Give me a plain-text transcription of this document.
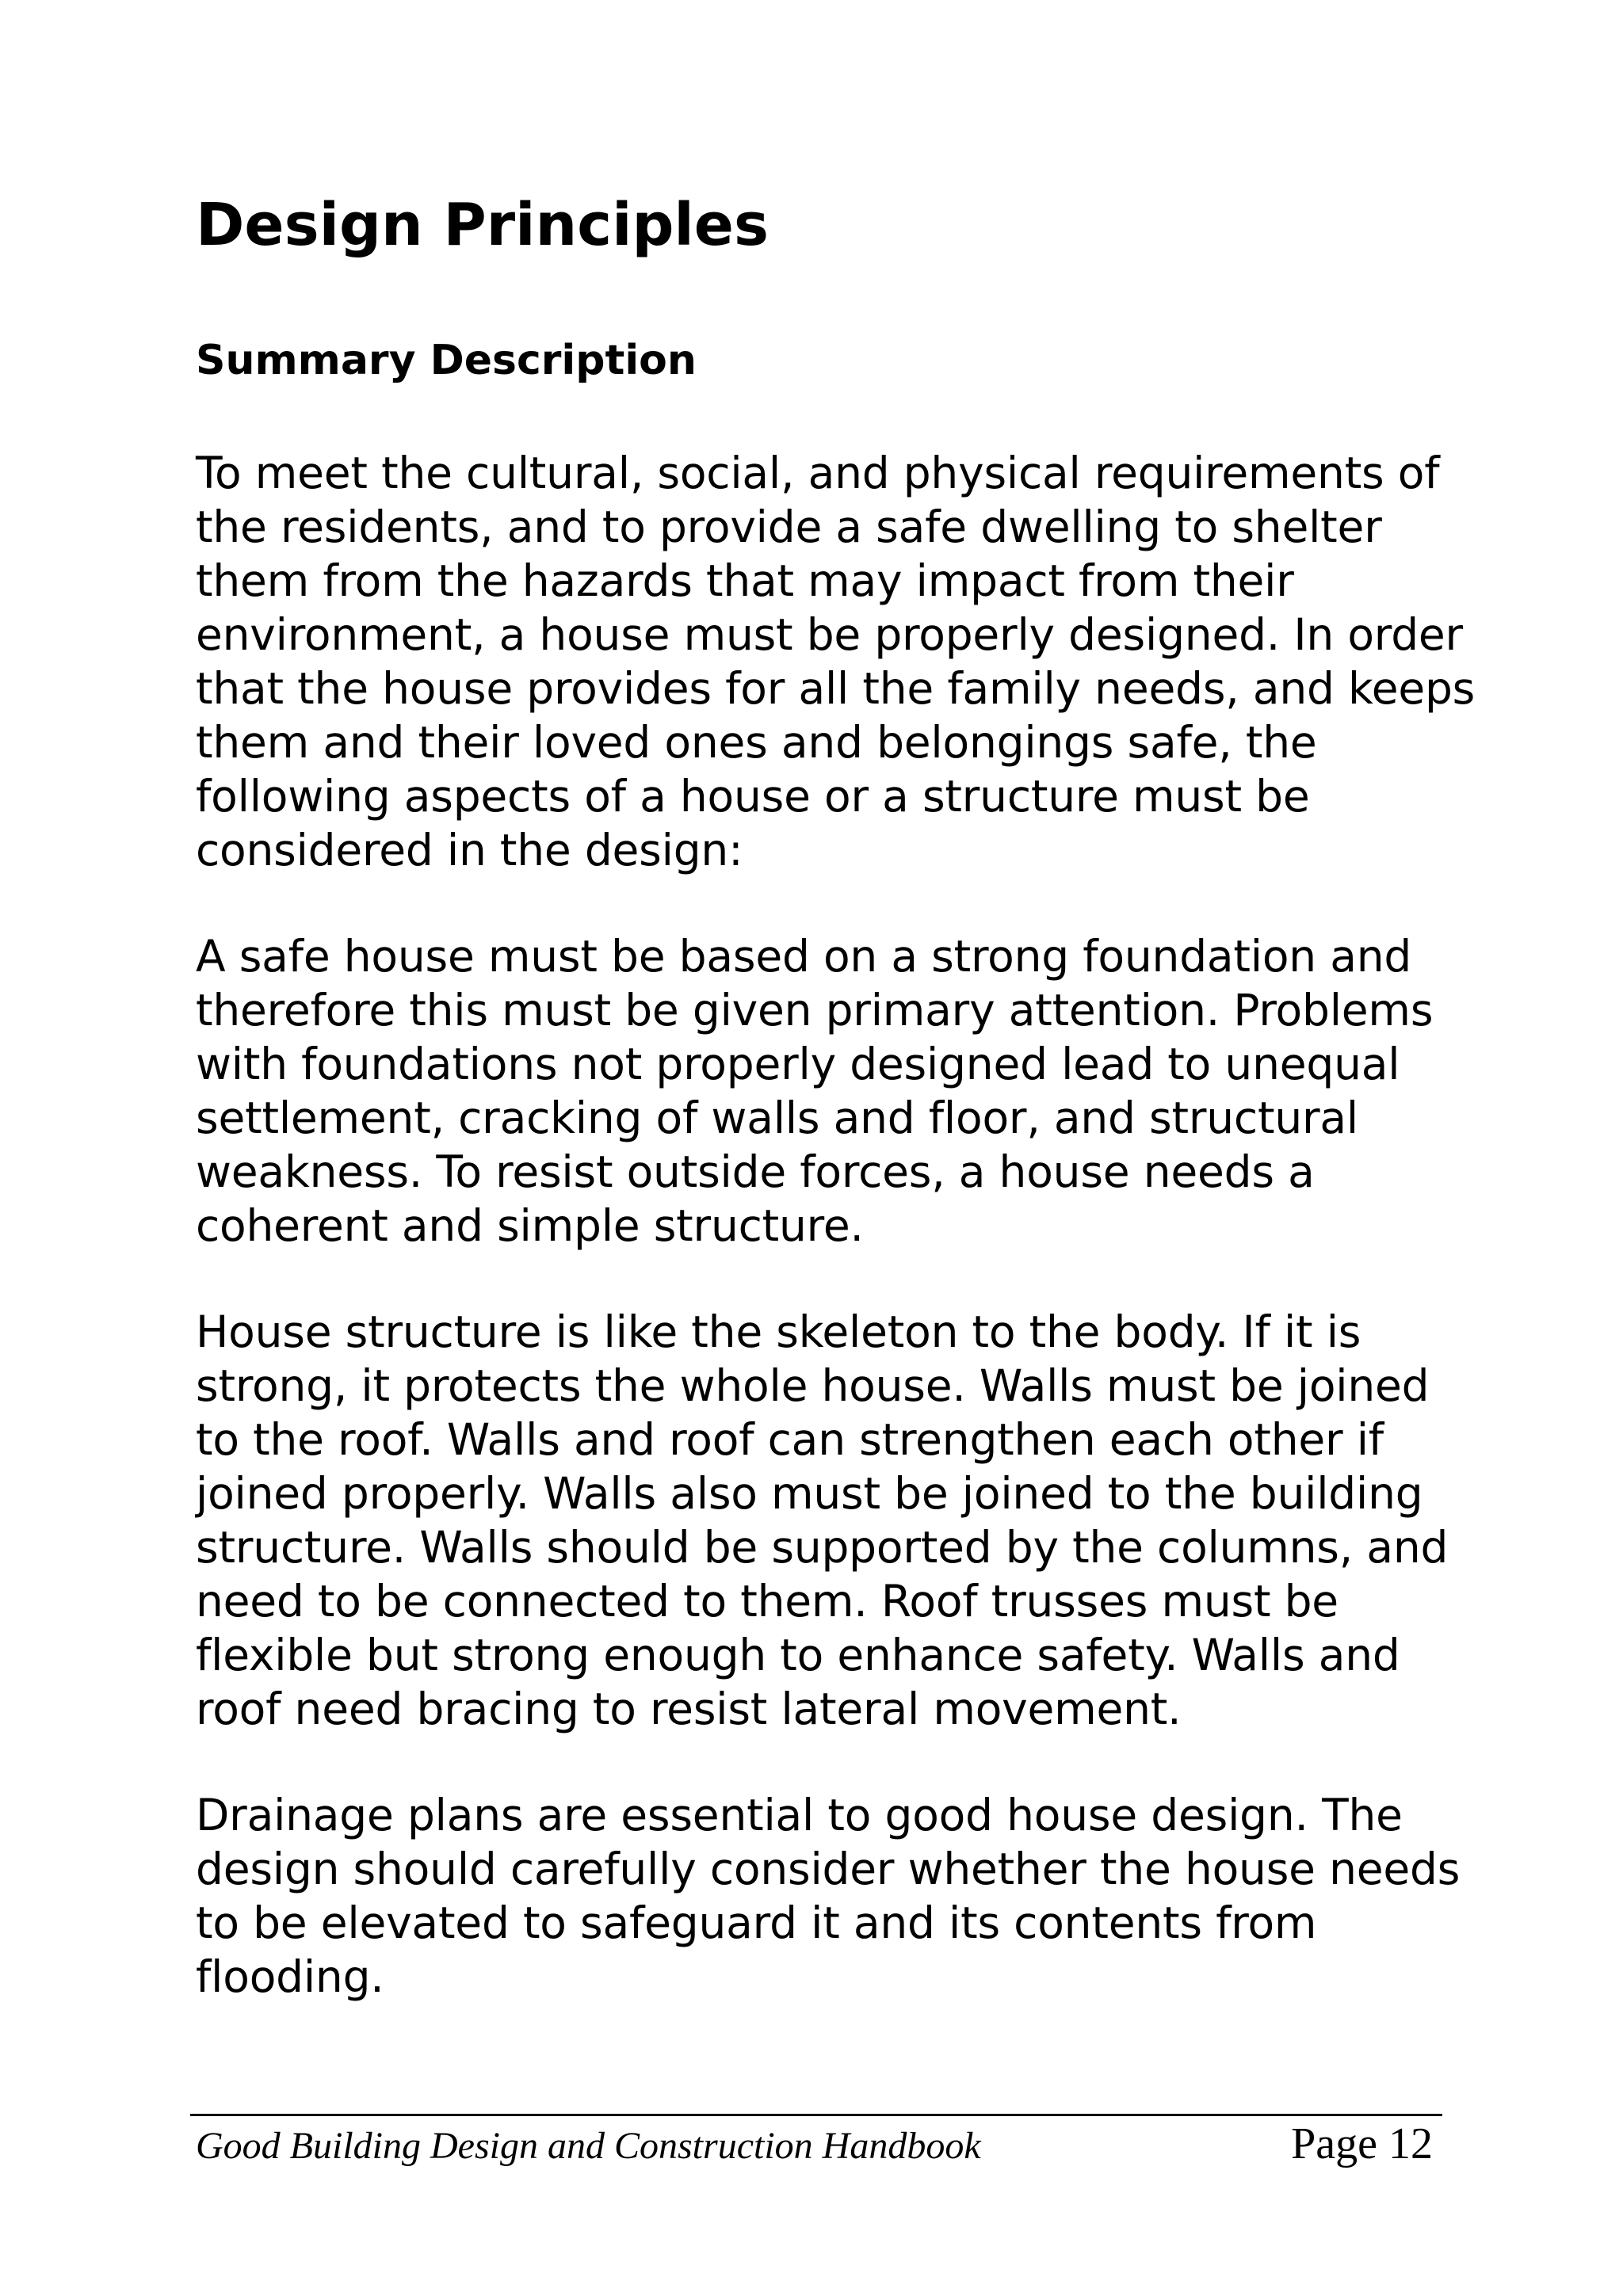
Design Principles
Summary Description

To meet the cultural, social, and physical requirements of
the residents, and to provide a safe dwelling to shelter
them from the hazards that may impact from their
environment, a house must be properly designed. In order
that the house provides for all the family needs, and keeps
them and their loved ones and belongings safe, the
following aspects of a house or a structure must be
considered in the design:

A safe house must be based on a strong foundation and
therefore this must be given primary attention. Problems
with foundations not properly designed lead to unequal
settlement, cracking of walls and floor, and structural
weakness. To resist outside forces, a house needs a
coherent and simple structure.

House structure is like the skeleton to the body. If it is
strong, it protects the whole house. Walls must be joined
to the roof. Walls and roof can strengthen each other if
joined properly. Walls also must be joined to the building
structure. Walls should be supported by the columns, and
need to be connected to them. Roof trusses must be
flexible but strong enough to enhance safety. Walls and
roof need bracing to resist lateral movement.

Drainage plans are essential to good house design. The
design should carefully consider whether the house needs
to be elevated to safeguard it and its contents from
flooding.

Good Building Design and Construction Handbook	Page 12
